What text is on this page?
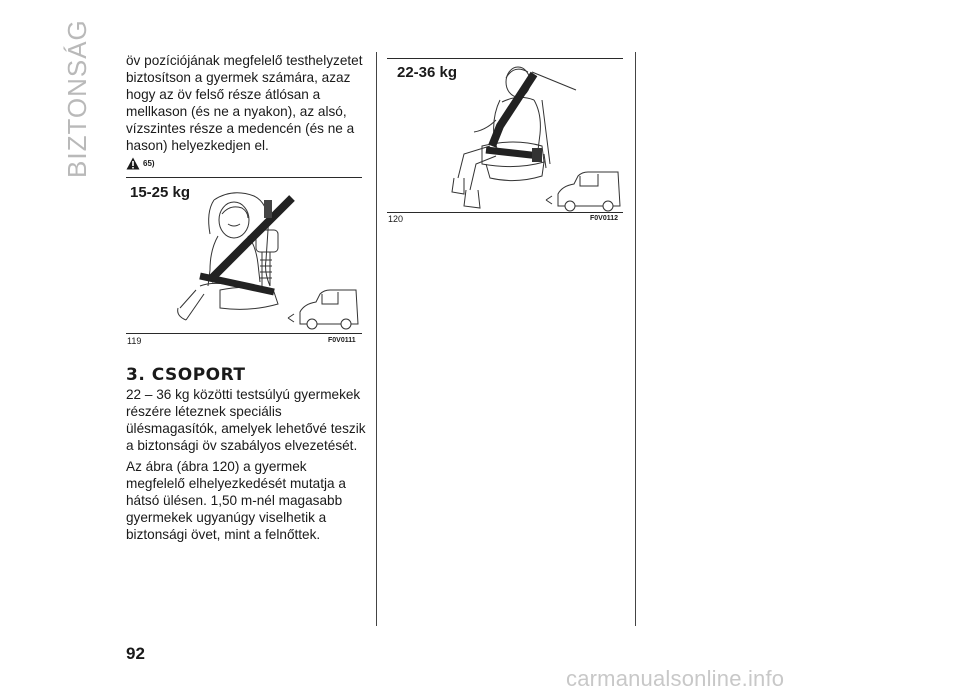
BIZTONSÁG	öv pozíciójának megfelelő testhelyzetet biztosítson a gyermek számára, azaz hogy az öv felső része átlósan a mellkason (és ne a nyakon), az alsó, vízszintes része a medencén (és ne a hason) helyezkedjen el.

65)
15-25 kg
119	F0V0111
3. CSOPORT

22 – 36 kg közötti testsúlyú gyermekek részére léteznek speciális ülésmagasítók, amelyek lehetővé teszik a biztonsági öv szabályos elvezetését.

Az ábra (ábra 120) a gyermek megfelelő elhelyezkedését mutatja a hátsó ülésen. 1,50 m-nél magasabb gyermekek ugyanúgy viselhetik a biztonsági övet, mint a felnőttek.

22-36 kg
120	F0V0112

92

carmanualsonline.info
